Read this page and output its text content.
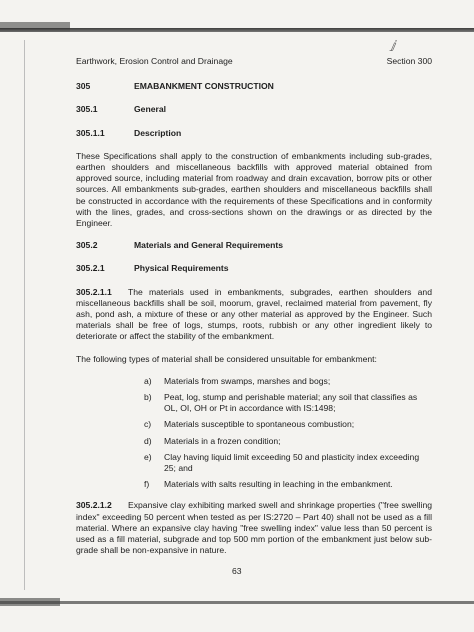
ⅉ
Earthwork, Erosion Control and Drainage	Section 300
305	EMABANKMENT CONSTRUCTION
305.1	General
305.1.1	Description

These Specifications shall apply to the construction of embankments including sub-grades, earthen shoulders and miscellaneous backfills with approved material obtained from approved source, including material from roadway and drain excavation, borrow pits or other sources. All embankments sub-grades, earthen shoulders and miscellaneous backfills shall be constructed in accordance with the requirements of these Specifications and in conformity with the lines, grades, and cross-sections shown on the drawings or as directed by the Engineer.

305.2	Materials and General Requirements
305.2.1	Physical Requirements

305.2.1.1 The materials used in embankments, subgrades, earthen shoulders and miscellaneous backfills shall be soil, moorum, gravel, reclaimed material from pavement, fly ash, pond ash, a mixture of these or any other material as approved by the Engineer. Such materials shall be free of logs, stumps, roots, rubbish or any other ingredient likely to deteriorate or affect the stability of the embankment.

The following types of material shall be considered unsuitable for embankment:

a)	Materials from swamps, marshes and bogs;
b)	Peat, log, stump and perishable material; any soil that classifies as OL, OI, OH or Pt in accordance with IS:1498;
c)	Materials susceptible to spontaneous combustion;
d)	Materials in a frozen condition;
e)	Clay having liquid limit exceeding 50 and plasticity index exceeding 25; and
f)	Materials with salts resulting in leaching in the embankment.

305.2.1.2 Expansive clay exhibiting marked swell and shrinkage properties ("free swelling index" exceeding 50 percent when tested as per IS:2720 – Part 40) shall not be used as a fill material. Where an expansive clay having "free swelling index" value less than 50 percent is used as a fill material, subgrade and top 500 mm portion of the embankment just below sub-grade shall be non-expansive in nature.

63
